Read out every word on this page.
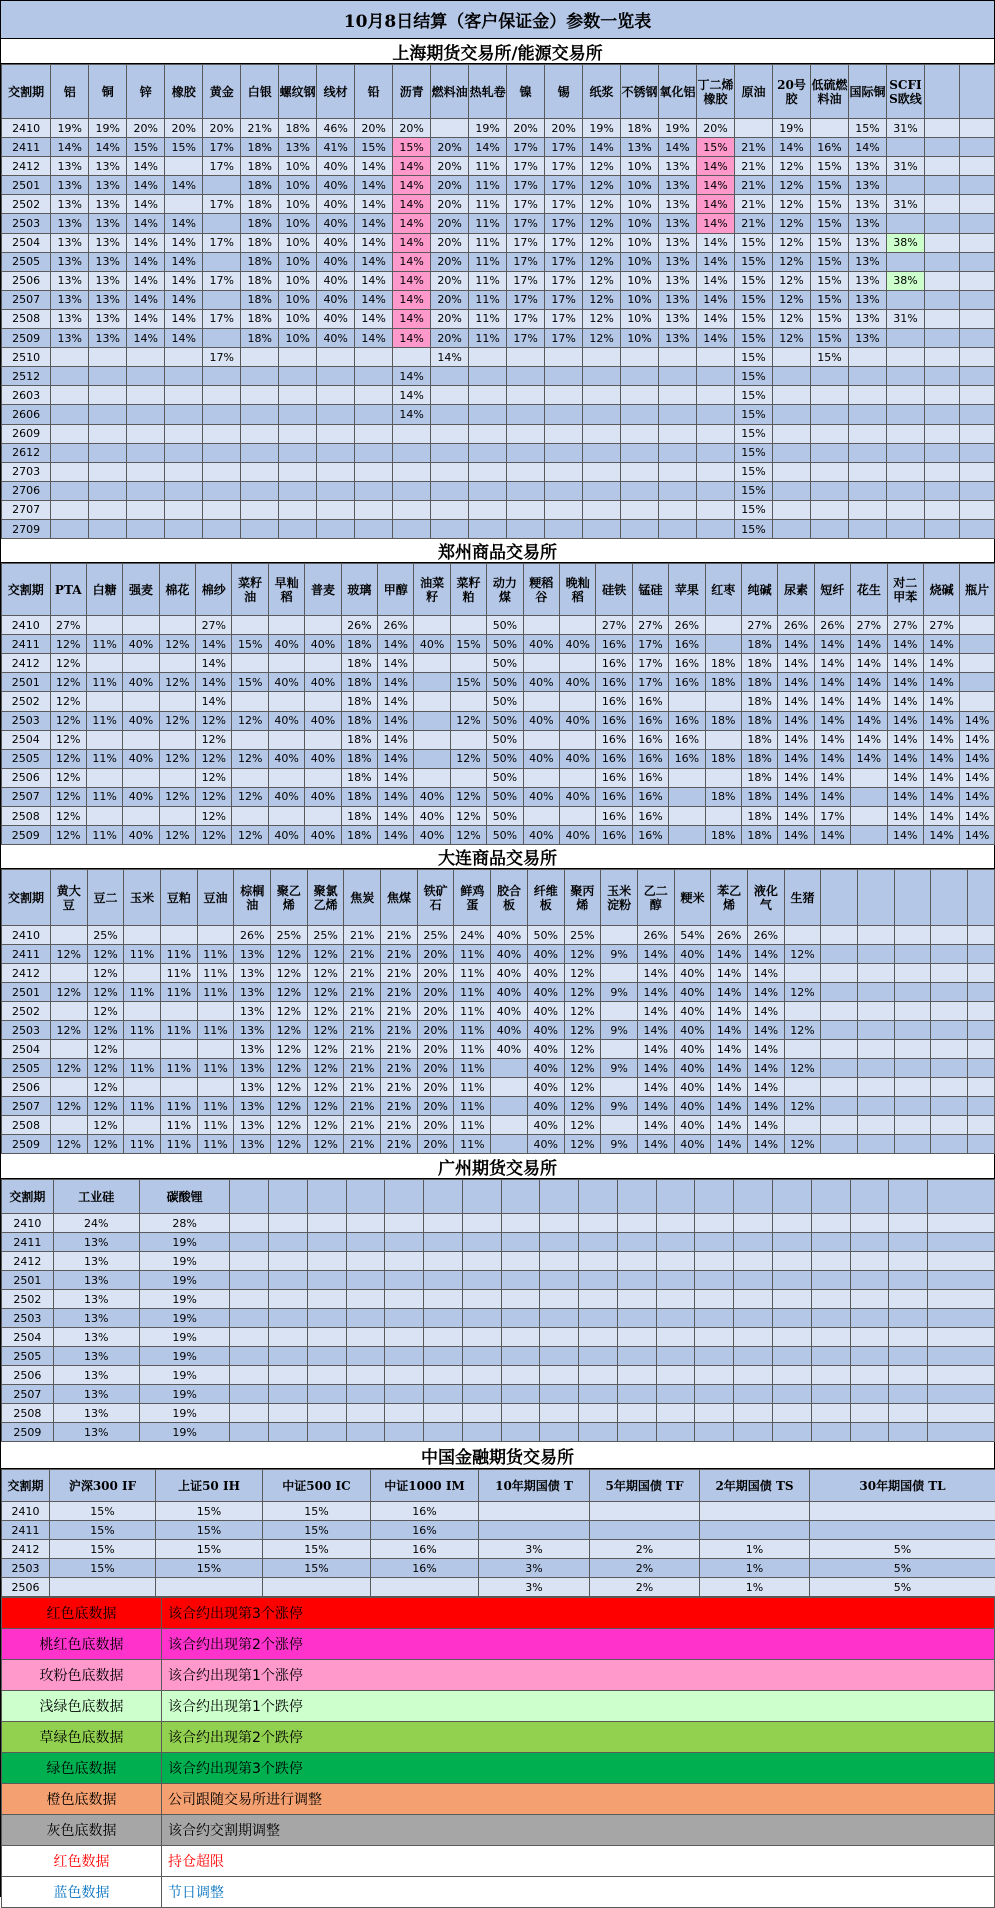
10月8日结算（客户保证金）参数一览表
上海期货交易所/能源交易所
交割期	铝	铜	锌	橡胶	黄金	白银	螺纹钢	线材	铅	沥青	燃料油	热轧卷	镍	锡	纸浆	不锈钢	氧化铝	丁二烯橡胶	原油	20号胶	低硫燃料油	国际铜	SCFIS欧线		
2410	19%	19%	20%	20%	20%	21%	18%	46%	20%	20%		19%	20%	20%	19%	18%	19%	20%		19%		15%	31%		
2411	14%	14%	15%	15%	17%	18%	13%	41%	15%	15%	20%	14%	17%	17%	14%	13%	14%	15%	21%	14%	16%	14%			
2412	13%	13%	14%		17%	18%	10%	40%	14%	14%	20%	11%	17%	17%	12%	10%	13%	14%	21%	12%	15%	13%	31%		
2501	13%	13%	14%	14%		18%	10%	40%	14%	14%	20%	11%	17%	17%	12%	10%	13%	14%	21%	12%	15%	13%			
2502	13%	13%	14%		17%	18%	10%	40%	14%	14%	20%	11%	17%	17%	12%	10%	13%	14%	21%	12%	15%	13%	31%		
2503	13%	13%	14%	14%		18%	10%	40%	14%	14%	20%	11%	17%	17%	12%	10%	13%	14%	21%	12%	15%	13%			
2504	13%	13%	14%	14%	17%	18%	10%	40%	14%	14%	20%	11%	17%	17%	12%	10%	13%	14%	15%	12%	15%	13%	38%		
2505	13%	13%	14%	14%		18%	10%	40%	14%	14%	20%	11%	17%	17%	12%	10%	13%	14%	15%	12%	15%	13%			
2506	13%	13%	14%	14%	17%	18%	10%	40%	14%	14%	20%	11%	17%	17%	12%	10%	13%	14%	15%	12%	15%	13%	38%		
2507	13%	13%	14%	14%		18%	10%	40%	14%	14%	20%	11%	17%	17%	12%	10%	13%	14%	15%	12%	15%	13%			
2508	13%	13%	14%	14%	17%	18%	10%	40%	14%	14%	20%	11%	17%	17%	12%	10%	13%	14%	15%	12%	15%	13%	31%		
2509	13%	13%	14%	14%		18%	10%	40%	14%	14%	20%	11%	17%	17%	12%	10%	13%	14%	15%	12%	15%	13%			
2510					17%						14%								15%		15%				
2512										14%									15%						
2603										14%									15%						
2606										14%									15%						
2609																			15%						
2612																			15%						
2703																			15%						
2706																			15%						
2707																			15%						
2709																			15%						
郑州商品交易所
交割期	PTA	白糖	强麦	棉花	棉纱	菜籽油	早籼稻	普麦	玻璃	甲醇	油菜籽	菜籽粕	动力煤	粳稻谷	晚籼稻	硅铁	锰硅	苹果	红枣	纯碱	尿素	短纤	花生	对二甲苯	烧碱	瓶片
2410	27%				27%				26%	26%			50%			27%	27%	26%		27%	26%	26%	27%	27%	27%	
2411	12%	11%	40%	12%	14%	15%	40%	40%	18%	14%	40%	15%	50%	40%	40%	16%	17%	16%		18%	14%	14%	14%	14%	14%	
2412	12%				14%				18%	14%			50%			16%	17%	16%	18%	18%	14%	14%	14%	14%	14%	
2501	12%	11%	40%	12%	14%	15%	40%	40%	18%	14%		15%	50%	40%	40%	16%	17%	16%	18%	18%	14%	14%	14%	14%	14%	
2502	12%				14%				18%	14%			50%			16%	16%			18%	14%	14%	14%	14%	14%	
2503	12%	11%	40%	12%	12%	12%	40%	40%	18%	14%		12%	50%	40%	40%	16%	16%	16%	18%	18%	14%	14%	14%	14%	14%	14%
2504	12%				12%				18%	14%			50%			16%	16%	16%		18%	14%	14%	14%	14%	14%	14%
2505	12%	11%	40%	12%	12%	12%	40%	40%	18%	14%		12%	50%	40%	40%	16%	16%	16%	18%	18%	14%	14%	14%	14%	14%	14%
2506	12%				12%				18%	14%			50%			16%	16%			18%	14%	14%		14%	14%	14%
2507	12%	11%	40%	12%	12%	12%	40%	40%	18%	14%	40%	12%	50%	40%	40%	16%	16%		18%	18%	14%	14%		14%	14%	14%
2508	12%				12%				18%	14%	40%	12%	50%			16%	16%			18%	14%	17%		14%	14%	14%
2509	12%	11%	40%	12%	12%	12%	40%	40%	18%	14%	40%	12%	50%	40%	40%	16%	16%		18%	18%	14%	14%		14%	14%	14%
大连商品交易所
交割期	黄大豆	豆二	玉米	豆粕	豆油	棕榈油	聚乙烯	聚氯乙烯	焦炭	焦煤	铁矿石	鲜鸡蛋	胶合板	纤维板	聚丙烯	玉米淀粉	乙二醇	粳米	苯乙烯	液化气	生猪					
2410		25%				26%	25%	25%	21%	21%	25%	24%	40%	50%	25%		26%	54%	26%	26%						
2411	12%	12%	11%	11%	11%	13%	12%	12%	21%	21%	20%	11%	40%	40%	12%	9%	14%	40%	14%	14%	12%					
2412		12%		11%	11%	13%	12%	12%	21%	21%	20%	11%	40%	40%	12%		14%	40%	14%	14%						
2501	12%	12%	11%	11%	11%	13%	12%	12%	21%	21%	20%	11%	40%	40%	12%	9%	14%	40%	14%	14%	12%					
2502		12%				13%	12%	12%	21%	21%	20%	11%	40%	40%	12%		14%	40%	14%	14%						
2503	12%	12%	11%	11%	11%	13%	12%	12%	21%	21%	20%	11%	40%	40%	12%	9%	14%	40%	14%	14%	12%					
2504		12%				13%	12%	12%	21%	21%	20%	11%	40%	40%	12%		14%	40%	14%	14%						
2505	12%	12%	11%	11%	11%	13%	12%	12%	21%	21%	20%	11%		40%	12%	9%	14%	40%	14%	14%	12%					
2506		12%				13%	12%	12%	21%	21%	20%	11%		40%	12%		14%	40%	14%	14%						
2507	12%	12%	11%	11%	11%	13%	12%	12%	21%	21%	20%	11%		40%	12%	9%	14%	40%	14%	14%	12%					
2508		12%		11%	11%	13%	12%	12%	21%	21%	20%	11%		40%	12%		14%	40%	14%	14%						
2509	12%	12%	11%	11%	11%	13%	12%	12%	21%	21%	20%	11%		40%	12%	9%	14%	40%	14%	14%	12%					
广州期货交易所
交割期	工业硅	碳酸锂																			
2410	24%	28%																			
2411	13%	19%																			
2412	13%	19%																			
2501	13%	19%																			
2502	13%	19%																			
2503	13%	19%																			
2504	13%	19%																			
2505	13%	19%																			
2506	13%	19%																			
2507	13%	19%																			
2508	13%	19%																			
2509	13%	19%																			
中国金融期货交易所
交割期	沪深300 IF	上证50 IH	中证500 IC	中证1000 IM	10年期国债 T	5年期国债 TF	2年期国债 TS	30年期国债 TL
2410	15%	15%	15%	16%				
2411	15%	15%	15%	16%				
2412	15%	15%	15%	16%	3%	2%	1%	5%
2503	15%	15%	15%	16%	3%	2%	1%	5%
2506					3%	2%	1%	5%
红色底数据	该合约出现第3个涨停
桃红色底数据	该合约出现第2个涨停
玫粉色底数据	该合约出现第1个涨停
浅绿色底数据	该合约出现第1个跌停
草绿色底数据	该合约出现第2个跌停
绿色底数据	该合约出现第3个跌停
橙色底数据	公司跟随交易所进行调整
灰色底数据	该合约交割期调整
红色数据	持仓超限
蓝色数据	节日调整
